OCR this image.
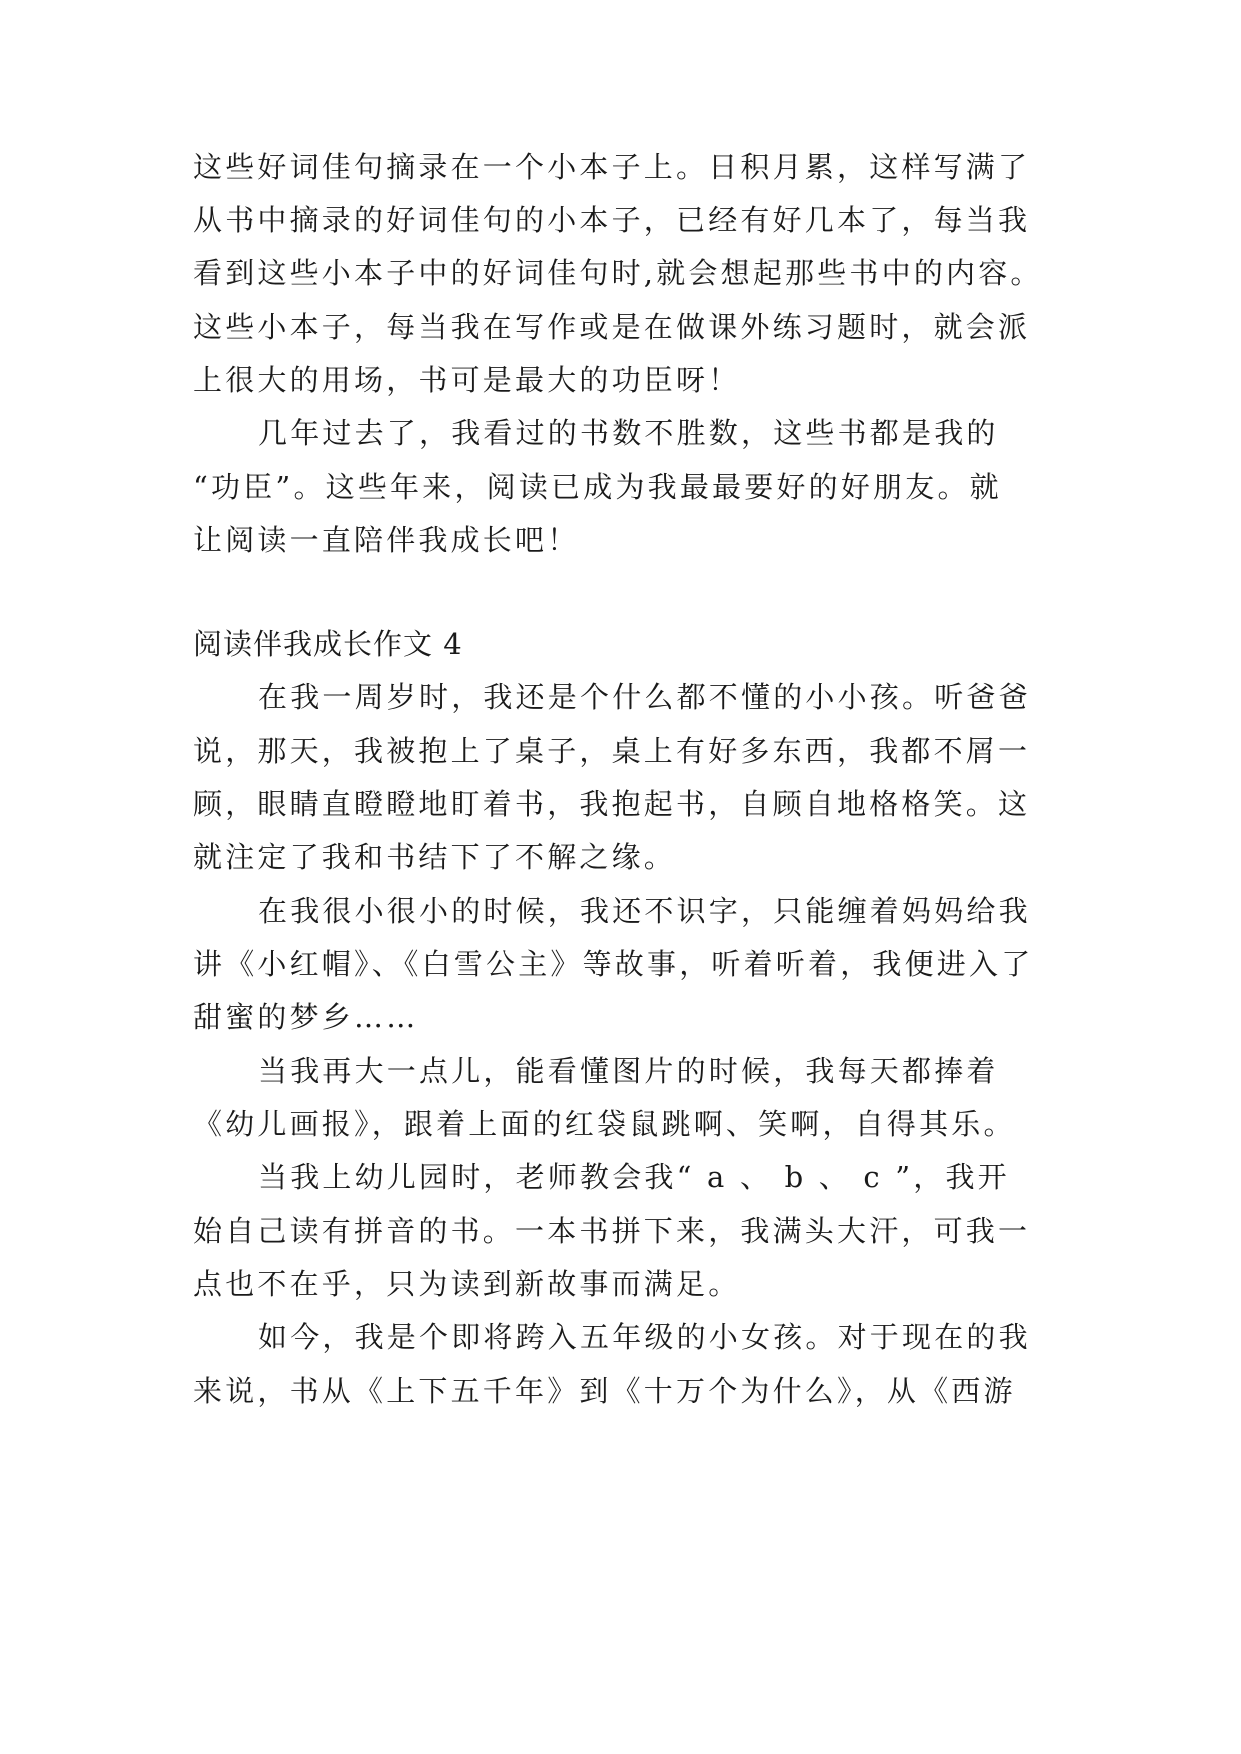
这些好词佳句摘录在一个小本子上。日积月累，这样写满了
从书中摘录的好词佳句的小本子，已经有好几本了，每当我
看到这些小本子中的好词佳句时,就会想起那些书中的内容。
这些小本子，每当我在写作或是在做课外练习题时，就会派
上很大的用场，书可是最大的功臣呀！
几年过去了，我看过的书数不胜数，这些书都是我的
“功臣”。这些年来，阅读已成为我最最要好的好朋友。就
让阅读一直陪伴我成长吧！
阅读伴我成长作文 4
在我一周岁时，我还是个什么都不懂的小小孩。听爸爸
说，那天，我被抱上了桌子，桌上有好多东西，我都不屑一
顾，眼睛直瞪瞪地盯着书，我抱起书，自顾自地格格笑。这
就注定了我和书结下了不解之缘。
在我很小很小的时候，我还不识字，只能缠着妈妈给我
讲《小红帽》、《白雪公主》等故事，听着听着，我便进入了
甜蜜的梦乡……
当我再大一点儿，能看懂图片的时候，我每天都捧着
《幼儿画报》，跟着上面的红袋鼠跳啊、笑啊，自得其乐。
当我上幼儿园时，老师教会我“ a 、 b 、 c ”，我开
始自己读有拼音的书。一本书拼下来，我满头大汗，可我一
点也不在乎，只为读到新故事而满足。
如今，我是个即将跨入五年级的小女孩。对于现在的我
来说，书从《上下五千年》到《十万个为什么》，从《西游
